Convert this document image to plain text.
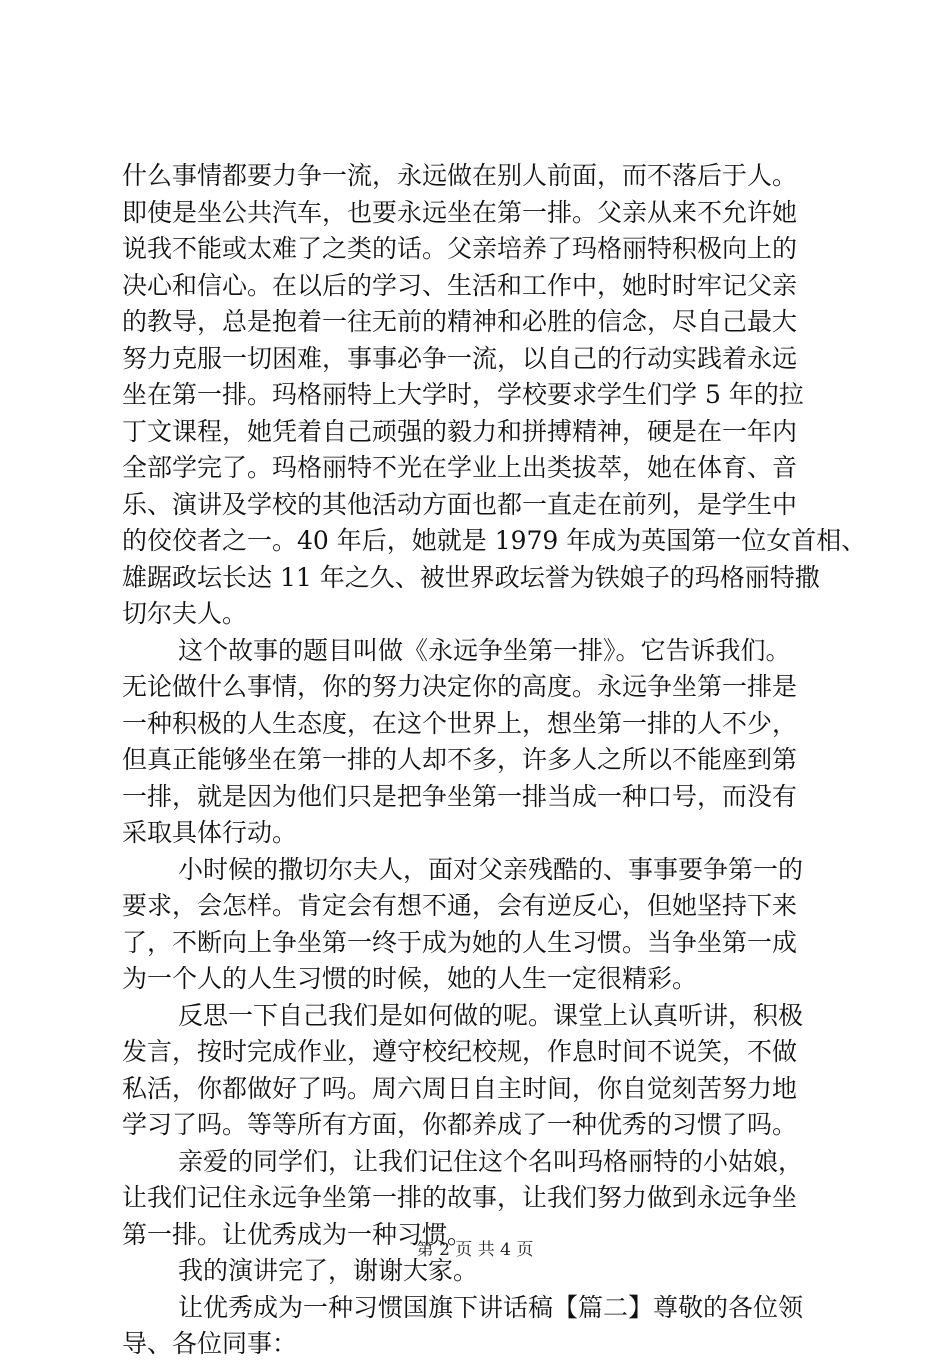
什么事情都要力争一流，永远做在别人前面，而不落后于人。
即使是坐公共汽车，也要永远坐在第一排。父亲从来不允许她
说我不能或太难了之类的话。父亲培养了玛格丽特积极向上的
决心和信心。在以后的学习、生活和工作中，她时时牢记父亲
的教导，总是抱着一往无前的精神和必胜的信念，尽自己最大
努力克服一切困难，事事必争一流，以自己的行动实践着永远
坐在第一排。玛格丽特上大学时，学校要求学生们学 5 年的拉
丁文课程，她凭着自己顽强的毅力和拼搏精神，硬是在一年内
全部学完了。玛格丽特不光在学业上出类拔萃，她在体育、音
乐、演讲及学校的其他活动方面也都一直走在前列，是学生中
的佼佼者之一。40 年后，她就是 1979 年成为英国第一位女首相、
雄踞政坛长达 11 年之久、被世界政坛誉为铁娘子的玛格丽特撒
切尔夫人。
这个故事的题目叫做《永远争坐第一排》。它告诉我们。
无论做什么事情，你的努力决定你的高度。永远争坐第一排是
一种积极的人生态度，在这个世界上，想坐第一排的人不少，
但真正能够坐在第一排的人却不多，许多人之所以不能座到第
一排，就是因为他们只是把争坐第一排当成一种口号，而没有
采取具体行动。
小时候的撒切尔夫人，面对父亲残酷的、事事要争第一的
要求，会怎样。肯定会有想不通，会有逆反心，但她坚持下来
了，不断向上争坐第一终于成为她的人生习惯。当争坐第一成
为一个人的人生习惯的时候，她的人生一定很精彩。
反思一下自己我们是如何做的呢。课堂上认真听讲，积极
发言，按时完成作业，遵守校纪校规，作息时间不说笑，不做
私活，你都做好了吗。周六周日自主时间，你自觉刻苦努力地
学习了吗。等等所有方面，你都养成了一种优秀的习惯了吗。
亲爱的同学们，让我们记住这个名叫玛格丽特的小姑娘，
让我们记住永远争坐第一排的故事，让我们努力做到永远争坐
第一排。让优秀成为一种习惯。
我的演讲完了，谢谢大家。
让优秀成为一种习惯国旗下讲话稿【篇二】尊敬的各位领
导、各位同事：
第 2 页 共 4 页
